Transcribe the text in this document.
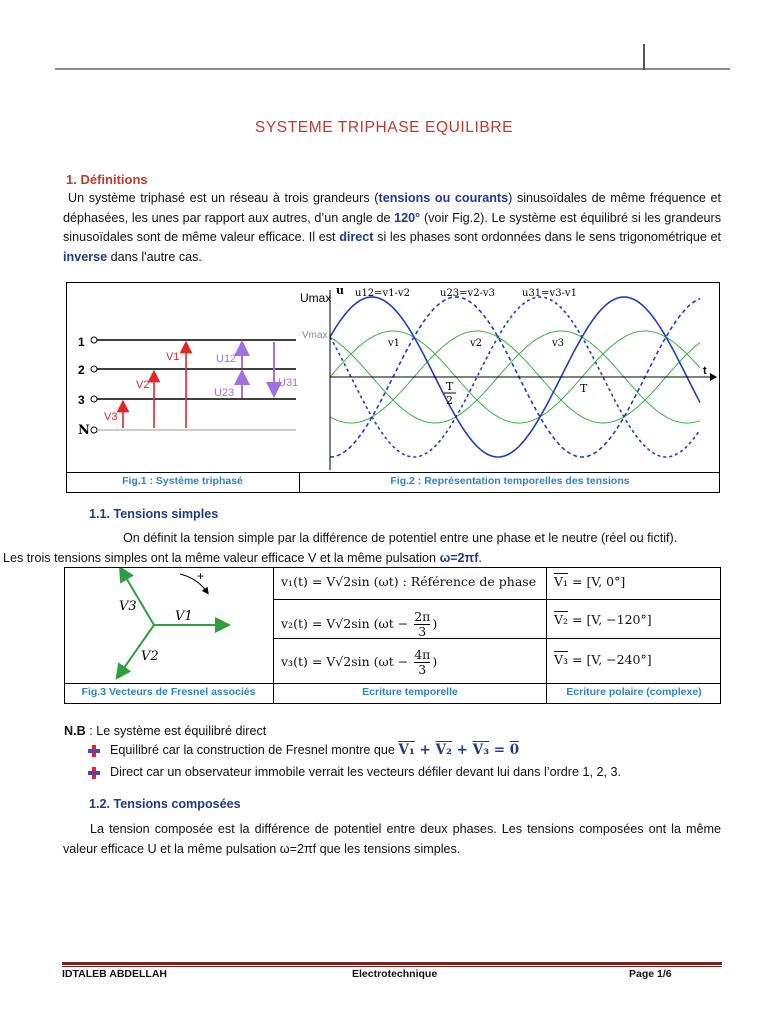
SYSTEME TRIPHASE EQUILIBRE
1. Définitions
Un système triphasé est un réseau à trois grandeurs (tensions ou courants) sinusoïdales de même fréquence et déphasées, les unes par rapport aux autres, d’un angle de 120° (voir Fig.2). Le système est équilibré si les grandeurs sinusoïdales sont de même valeur efficace. Il est direct si les phases sont ordonnées dans le sens trigonométrique et inverse dans l'autre cas.
Fig.1 : Système triphasé	Fig.2 : Représentation temporelles des tensions
1
2
3
N
V1
V2
V3
U12
U23
U31
u
Umax
Vmax
u12=v1-v2	u23=v2-v3	u31=v3-v1
v1	v2	v3
t
T
2
T
1.1. Tensions simples
On définit la tension simple par la différence de potentiel entre une phase et le neutre (réel ou fictif).
Les trois tensions simples ont la même valeur efficace V et la même pulsation ω=2πf.
+
V1
V3
V2
v₁(t) = V√2sin (ωt) : Référence de phase V₁ = [V, 0°]
v₂(t) = V√2sin ($\omega t - \frac{2\pi}{3}$ )	V₂ = [V, −120°]
v₃(t) = V√2sin ($\omega t - \frac{4\pi}{3}$ )	V₃ = [V, −240°]
Fig.3 Vecteurs de Fresnel associés	Ecriture temporelle	Ecriture polaire (complexe)
N.B : Le système est équilibré direct
Equilibré car la construction de Fresnel montre que V₁ + V₂ + V₃ = 0
Direct car un observateur immobile verrait les vecteurs défiler devant lui dans l’ordre 1, 2, 3.
1.2. Tensions composées
La tension composée est la différence de potentiel entre deux phases. Les tensions composées ont la même valeur efficace U et la même pulsation ω=2πf que les tensions simples.
IDTALEB ABDELLAH	Electrotechnique	Page 1/6
